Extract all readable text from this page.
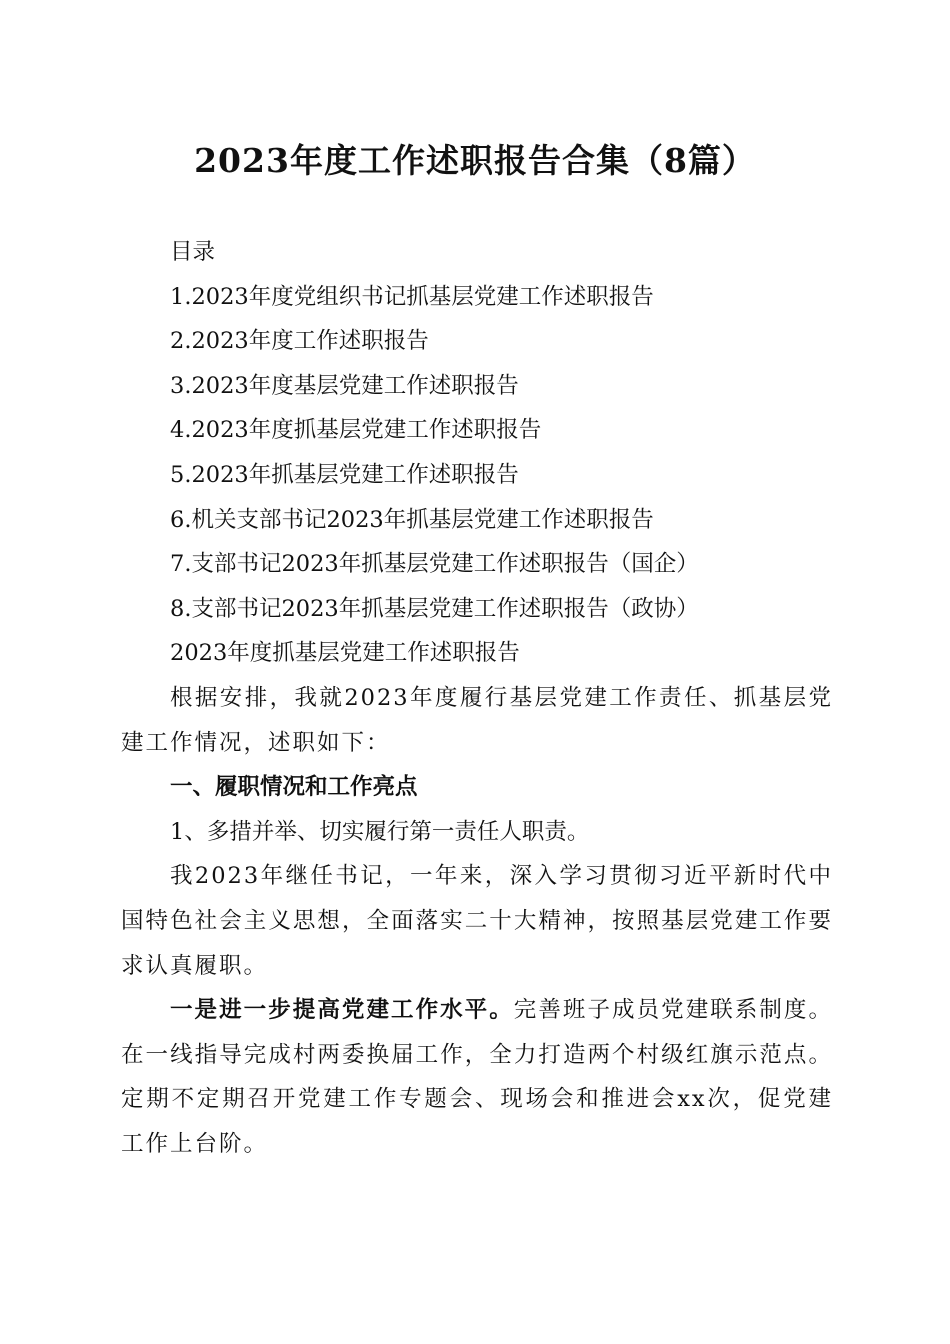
2023年度工作述职报告合集（8篇）

目录

1.2023年度党组织书记抓基层党建工作述职报告

2.2023年度工作述职报告

3.2023年度基层党建工作述职报告

4.2023年度抓基层党建工作述职报告

5.2023年抓基层党建工作述职报告

6.机关支部书记2023年抓基层党建工作述职报告

7.支部书记2023年抓基层党建工作述职报告（国企）

8.支部书记2023年抓基层党建工作述职报告（政协）

2023年度抓基层党建工作述职报告

根据安排，我就2023年度履行基层党建工作责任、抓基层党建工作情况，述职如下：

一、履职情况和工作亮点

1、多措并举、切实履行第一责任人职责。

我2023年继任书记，一年来，深入学习贯彻习近平新时代中国特色社会主义思想，全面落实二十大精神，按照基层党建工作要求认真履职。

一是进一步提高党建工作水平。完善班子成员党建联系制度。在一线指导完成村两委换届工作，全力打造两个村级红旗示范点。定期不定期召开党建工作专题会、现场会和推进会xx次，促党建工作上台阶。
